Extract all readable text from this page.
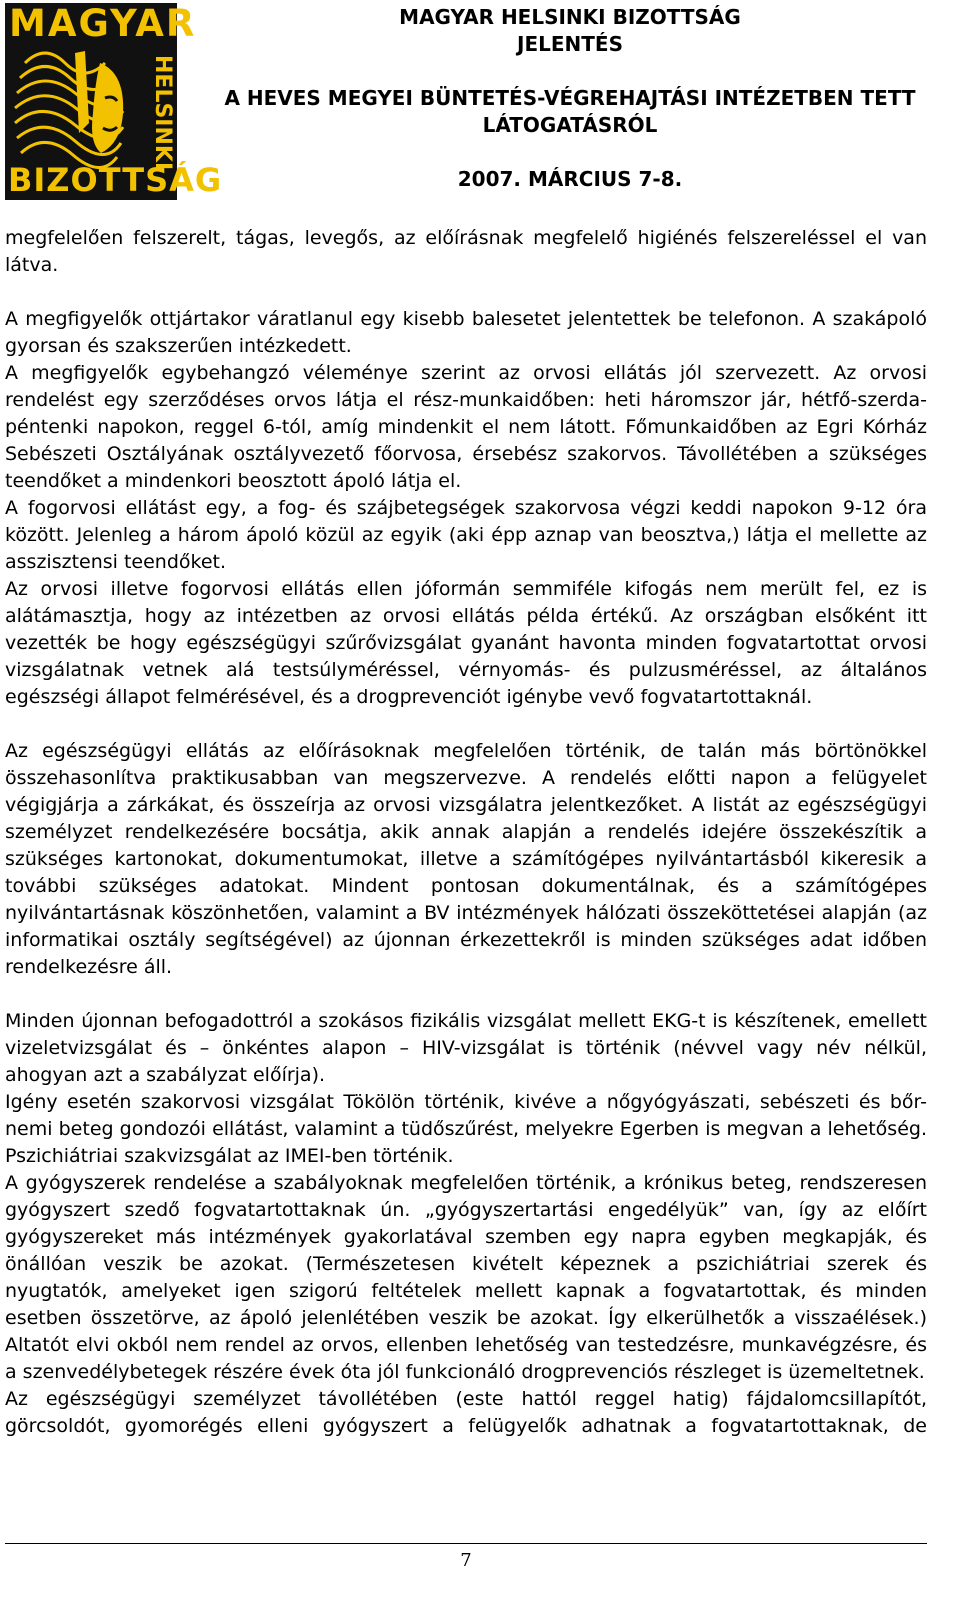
MAGYAR
HELSINKI
BIZOTTSÁG
MAGYAR HELSINKI BIZOTTSÁG
JELENTÉS
A HEVES MEGYEI BÜNTETÉS-VÉGREHAJTÁSI INTÉZETBEN TETT LÁTOGATÁSRÓL
2007. MÁRCIUS 7-8.

megfelelően felszerelt, tágas, levegős, az előírásnak megfelelő higiénés felszereléssel el van látva.

A megfigyelők ottjártakor váratlanul egy kisebb balesetet jelentettek be telefonon. A szakápoló gyorsan és szakszerűen intézkedett.

A megfigyelők egybehangzó véleménye szerint az orvosi ellátás jól szervezett. Az orvosi rendelést egy szerződéses orvos látja el rész-munkaidőben: heti háromszor jár, hétfő-szerda-péntenki napokon, reggel 6-tól, amíg mindenkit el nem látott. Főmunkaidőben az Egri Kórház Sebészeti Osztályának osztályvezető főorvosa, érsebész szakorvos. Távollétében a szükséges teendőket a mindenkori beosztott ápoló látja el.

A fogorvosi ellátást egy, a fog- és szájbetegségek szakorvosa végzi keddi napokon 9-12 óra között. Jelenleg a három ápoló közül az egyik (aki épp aznap van beosztva,) látja el mellette az asszisztensi teendőket.

Az orvosi illetve fogorvosi ellátás ellen jóformán semmiféle kifogás nem merült fel, ez is alátámasztja, hogy az intézetben az orvosi ellátás példa értékű. Az országban elsőként itt vezették be hogy egészségügyi szűrővizsgálat gyanánt havonta minden fogvatartottat orvosi vizsgálatnak vetnek alá testsúlyméréssel, vérnyomás- és pulzusméréssel, az általános egészségi állapot felmérésével, és a drogprevenciót igénybe vevő fogvatartottaknál.

Az egészségügyi ellátás az előírásoknak megfelelően történik, de talán más börtönökkel összehasonlítva praktikusabban van megszervezve. A rendelés előtti napon a felügyelet végigjárja a zárkákat, és összeírja az orvosi vizsgálatra jelentkezőket. A listát az egészségügyi személyzet rendelkezésére bocsátja, akik annak alapján a rendelés idejére összekészítik a szükséges kartonokat, dokumentumokat, illetve a számítógépes nyilvántartásból kikeresik a további szükséges adatokat. Mindent pontosan dokumentálnak, és a számítógépes nyilvántartásnak köszönhetően, valamint a BV intézmények hálózati összeköttetései alapján (az informatikai osztály segítségével) az újonnan érkezettekről is minden szükséges adat időben rendelkezésre áll.

Minden újonnan befogadottról a szokásos fizikális vizsgálat mellett EKG-t is készítenek, emellett vizeletvizsgálat és – önkéntes alapon – HIV-vizsgálat is történik (névvel vagy név nélkül, ahogyan azt a szabályzat előírja).

Igény esetén szakorvosi vizsgálat Tökölön történik, kivéve a nőgyógyászati, sebészeti és bőr-nemi beteg gondozói ellátást, valamint a tüdőszűrést, melyekre Egerben is megvan a lehetőség. Pszichiátriai szakvizsgálat az IMEI-ben történik.

A gyógyszerek rendelése a szabályoknak megfelelően történik, a krónikus beteg, rendszeresen gyógyszert szedő fogvatartottaknak ún. „gyógyszertartási engedélyük” van, így az előírt gyógyszereket más intézmények gyakorlatával szemben egy napra egyben megkapják, és önállóan veszik be azokat. (Természetesen kivételt képeznek a pszichiátriai szerek és nyugtatók, amelyeket igen szigorú feltételek mellett kapnak a fogvatartottak, és minden esetben összetörve, az ápoló jelenlétében veszik be azokat. Így elkerülhetők a visszaélések.) Altatót elvi okból nem rendel az orvos, ellenben lehetőség van testedzésre, munkavégzésre, és a szenvedélybetegek részére évek óta jól funkcionáló drogprevenciós részleget is üzemeltetnek.

Az egészségügyi személyzet távollétében (este hattól reggel hatig) fájdalomcsillapítót, görcsoldót, gyomorégés elleni gyógyszert a felügyelők adhatnak a fogvatartottaknak, de

7
